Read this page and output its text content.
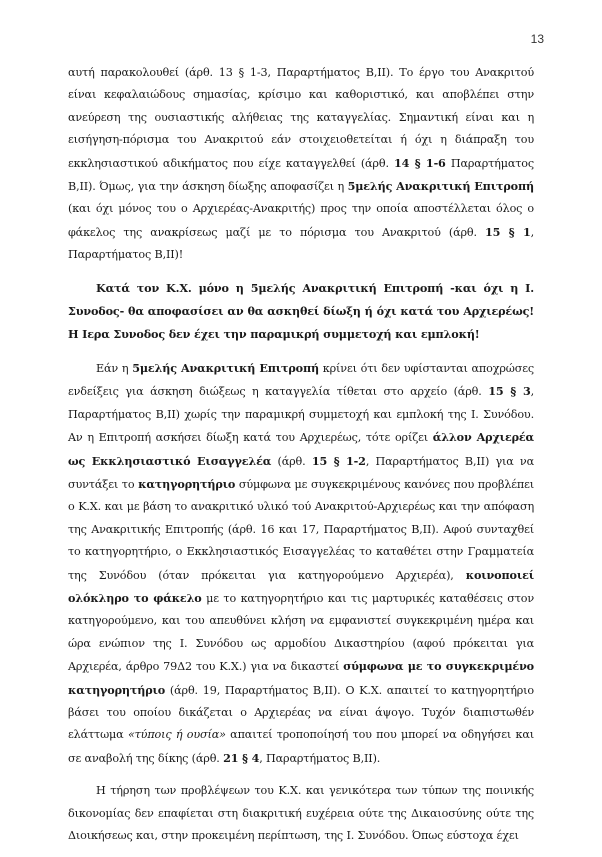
13

αυτή παρακολουθεί (άρθ. 13 § 1-3, Παραρτήματος Β,ΙΙ). Το έργο του Ανακριτού είναι κεφαλαιώδους σημασίας, κρίσιμο και καθοριστικό, και αποβλέπει στην ανεύρεση της ουσιαστικής αλήθειας της καταγγελίας. Σημαντική είναι και η εισήγηση-πόρισμα του Ανακριτού εάν στοιχειοθετείται ή όχι η διάπραξη του εκκλησιαστικού αδικήματος που είχε καταγγελθεί (άρθ. 14 § 1-6 Παραρτήματος Β,ΙΙ). Όμως, για την άσκηση δίωξης αποφασίζει η 5μελής Ανακριτική Επιτροπή (και όχι μόνος του ο Αρχιερέας-Ανακριτής) προς την οποία αποστέλλεται όλος ο φάκελος της ανακρίσεως μαζί με το πόρισμα του Ανακριτού (άρθ. 15 § 1, Παραρτήματος Β,ΙΙ)!

Κατά τον Κ.Χ. μόνο η 5μελής Ανακριτική Επιτροπή -και όχι η Ι. Συνοδος- θα αποφασίσει αν θα ασκηθεί δίωξη ή όχι κατά του Αρχιερέως! Η Ιερα Συνοδος δεν έχει την παραμικρή συμμετοχή και εμπλοκή!

Εάν η 5μελής Ανακριτική Επιτροπή κρίνει ότι δεν υφίστανται αποχρώσες ενδείξεις για άσκηση διώξεως η καταγγελία τίθεται στο αρχείο (άρθ. 15 § 3, Παραρτήματος Β,ΙΙ) χωρίς την παραμικρή συμμετοχή και εμπλοκή της Ι. Συνόδου. Αν η Επιτροπή ασκήσει δίωξη κατά του Αρχιερέως, τότε ορίζει άλλον Αρχιερέα ως Εκκλησιαστικό Εισαγγελέα (άρθ. 15 § 1-2, Παραρτήματος Β,ΙΙ) για να συντάξει το κατηγορητήριο σύμφωνα με συγκεκριμένους κανόνες που προβλέπει ο Κ.Χ. και με βάση το ανακριτικό υλικό τού Ανακριτού-Αρχιερέως και την απόφαση της Ανακριτικής Επιτροπής (άρθ. 16 και 17, Παραρτήματος Β,ΙΙ). Αφού συνταχθεί το κατηγορητήριο, ο Εκκλησιαστικός Εισαγγελέας το καταθέτει στην Γραμματεία της Συνόδου (όταν πρόκειται για κατηγορούμενο Αρχιερέα), κοινοποιεί ολόκληρο το φάκελο με το κατηγορητήριο και τις μαρτυρικές καταθέσεις στον κατηγορούμενο, και του απευθύνει κλήση να εμφανιστεί συγκεκριμένη ημέρα και ώρα ενώπιον της Ι. Συνόδου ως αρμοδίου Δικαστηρίου (αφού πρόκειται για Αρχιερέα, άρθρο 79Δ2 του Κ.Χ.) για να δικαστεί σύμφωνα με το συγκεκριμένο κατηγορητήριο (άρθ. 19, Παραρτήματος Β,ΙΙ). Ο Κ.Χ. απαιτεί το κατηγορητήριο βάσει του οποίου δικάζεται ο Αρχιερέας να είναι άψογο. Τυχόν διαπιστωθέν ελάττωμα «τύποις ή ουσία» απαιτεί τροποποίησή του που μπορεί να οδηγήσει και σε αναβολή της δίκης (άρθ. 21 § 4, Παραρτήματος Β,ΙΙ).

Η τήρηση των προβλέψεων του Κ.Χ. και γενικότερα των τύπων της ποινικής δικονομίας δεν επαφίεται στη διακριτική ευχέρεια ούτε της Δικαιοσύνης ούτε της Διοικήσεως και, στην προκειμένη περίπτωση, της Ι. Συνόδου. Όπως εύστοχα έχει
